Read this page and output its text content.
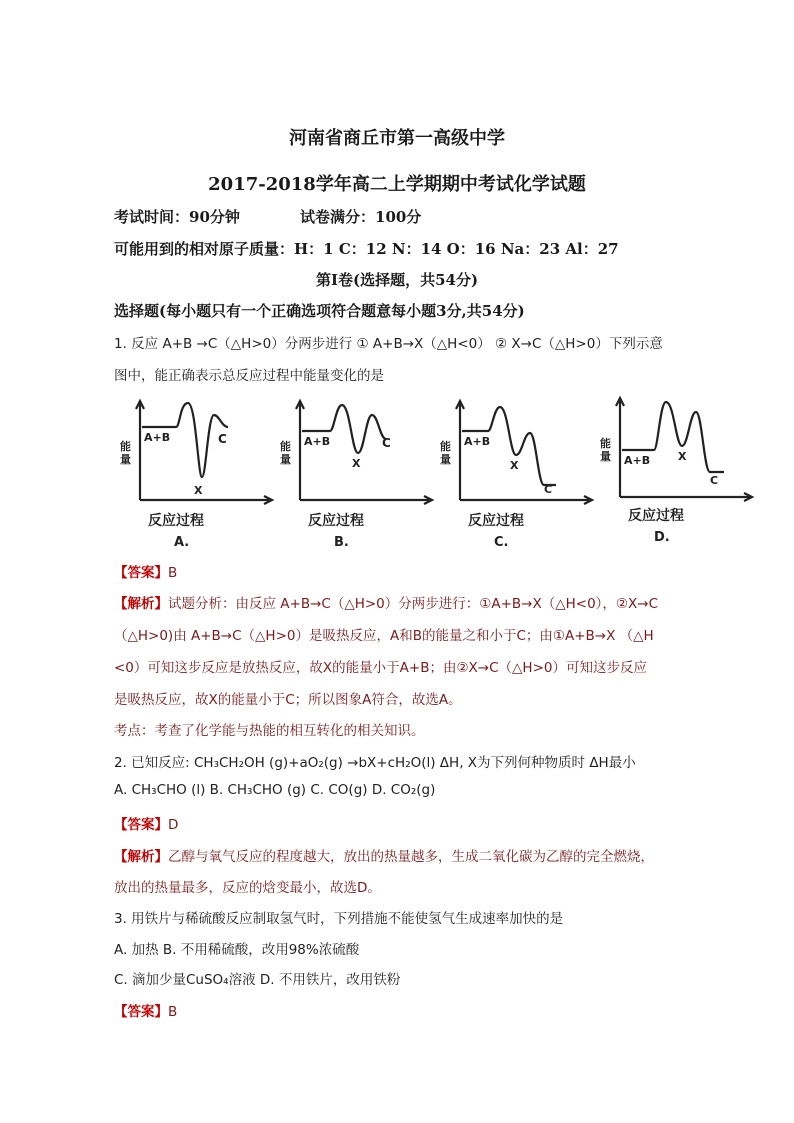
河南省商丘市第一高级中学
2017-2018学年高二上学期期中考试化学试题
考试时间：90分钟	试卷满分：100分
可能用到的相对原子质量：H：1 C：12 N：14 O：16 Na：23 Al：27
第Ⅰ卷(选择题，共54分)
选择题(每小题只有一个正确选项符合题意每小题3分,共54分)
1. 反应 A+B →C（△H>0）分两步进行 ① A+B→X（△H<0） ② X→C（△H>0）下列示意
图中，能正确表示总反应过程中能量变化的是
能
量
A+B
X
C
反应过程
A.
能
量
A+B
X
C
反应过程
B.
能
量
A+B
X
C
反应过程
C.
能
量 A+B	X
C
反应过程
D.
【答案】B
【解析】试题分析：由反应 A+B→C（△H>0）分两步进行：①A+B→X（△H<0），②X→C
（△H>0)由 A+B→C（△H>0）是吸热反应，A和B的能量之和小于C；由①A+B→X （△H
<0）可知这步反应是放热反应，故X的能量小于A+B；由②X→C（△H>0）可知这步反应
是吸热反应，故X的能量小于C；所以图象A符合，故选A。
考点：考查了化学能与热能的相互转化的相关知识。
2. 已知反应: CH₃CH₂OH (g)+aO₂(g) →bX+cH₂O(l) ΔH, X为下列何种物质时 ΔH最小
A. CH₃CHO (l) B. CH₃CHO (g) C. CO(g) D. CO₂(g)
【答案】D
【解析】乙醇与氧气反应的程度越大，放出的热量越多，生成二氧化碳为乙醇的完全燃烧，
放出的热量最多，反应的焓变最小，故选D。
3. 用铁片与稀硫酸反应制取氢气时，下列措施不能使氢气生成速率加快的是
A. 加热 B. 不用稀硫酸，改用98%浓硫酸
C. 滴加少量CuSO₄溶液 D. 不用铁片，改用铁粉
【答案】B
